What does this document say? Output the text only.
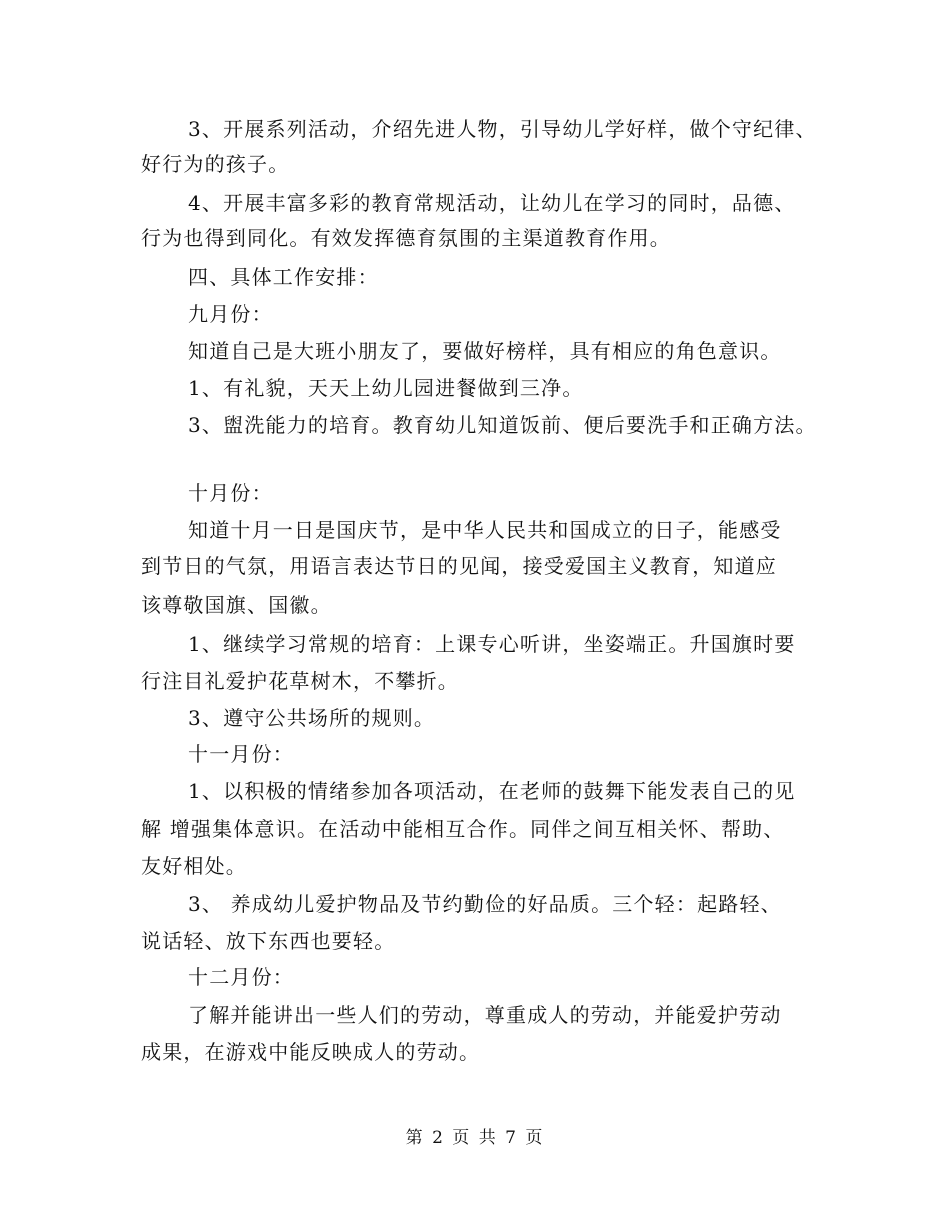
3、开展系列活动，介绍先进人物，引导幼儿学好样，做个守纪律、
好行为的孩子。
4、开展丰富多彩的教育常规活动，让幼儿在学习的同时，品德、
行为也得到同化。有效发挥德育氛围的主渠道教育作用。
四、具体工作安排：
九月份：
知道自己是大班小朋友了，要做好榜样，具有相应的角色意识。
1、有礼貌，天天上幼儿园进餐做到三净。
3、盥洗能力的培育。教育幼儿知道饭前、便后要洗手和正确方法。
十月份：
知道十月一日是国庆节，是中华人民共和国成立的日子，能感受
到节日的气氛，用语言表达节日的见闻，接受爱国主义教育，知道应
该尊敬国旗、国徽。
1、继续学习常规的培育：上课专心听讲，坐姿端正。升国旗时要
行注目礼爱护花草树木，不攀折。
3、遵守公共场所的规则。
十一月份：
1、以积极的情绪参加各项活动，在老师的鼓舞下能发表自己的见
解 增强集体意识。在活动中能相互合作。同伴之间互相关怀、帮助、
友好相处。
3、 养成幼儿爱护物品及节约勤俭的好品质。三个轻：起路轻、
说话轻、放下东西也要轻。
十二月份：
了解并能讲出一些人们的劳动，尊重成人的劳动，并能爱护劳动
成果，在游戏中能反映成人的劳动。
第 2 页 共 7 页
